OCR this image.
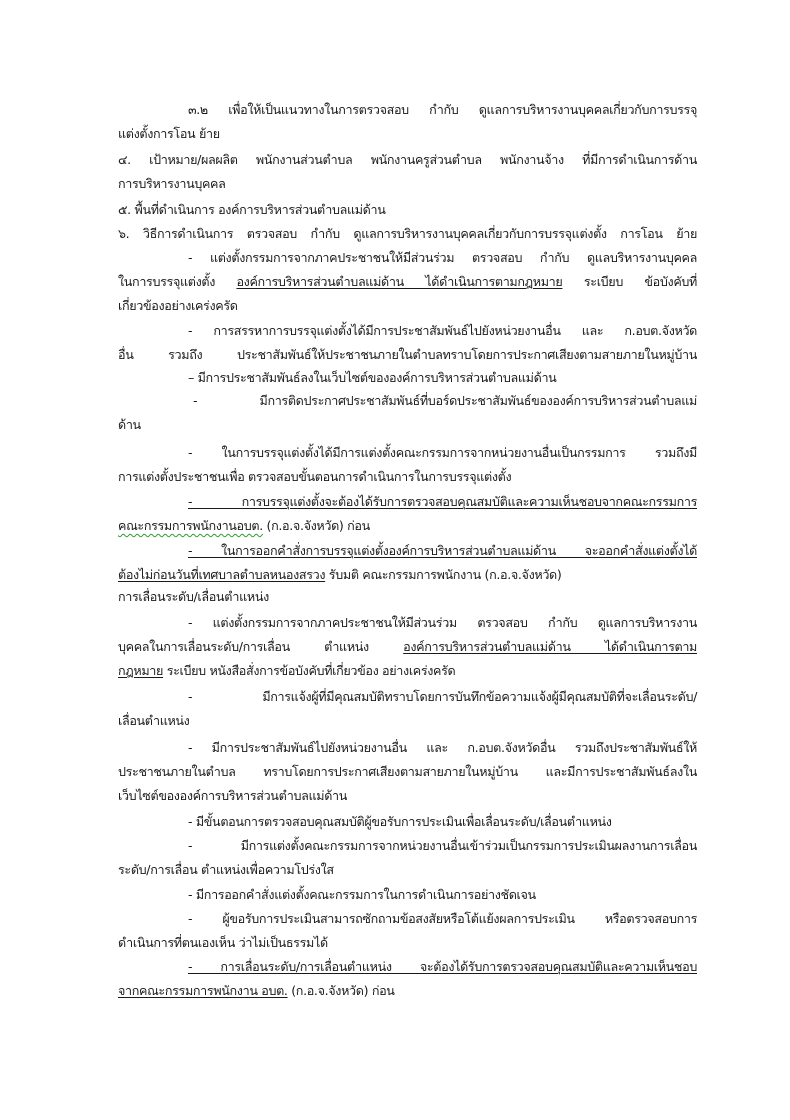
๓.๒ เพื่อให้เป็นแนวทางในการตรวจสอบ กำกับ ดูแลการบริหารงานบุคคลเกี่ยวกับการบรรจุ
แต่งตั้งการโอน ย้าย
๔. เป้าหมาย/ผลผลิต พนักงานส่วนตำบล พนักงานครูส่วนตำบล พนักงานจ้าง ที่มีการดำเนินการด้าน
การบริหารงานบุคคล
๕. พื้นที่ดำเนินการ องค์การบริหารส่วนตำบลแม่ด้าน
๖. วิธีการดำเนินการ ตรวจสอบ กำกับ ดูแลการบริหารงานบุคคลเกี่ยวกับการบรรจุแต่งตั้ง การโอน ย้าย
- แต่งตั้งกรรมการจากภาคประชาชนให้มีส่วนร่วม ตรวจสอบ กำกับ ดูแลบริหารงานบุคคล
ในการบรรจุแต่งตั้ง องค์การบริหารส่วนตำบลแม่ด้าน ได้ดำเนินการตามกฎหมาย ระเบียบ ข้อบังคับที่
เกี่ยวข้องอย่างเคร่งครัด
- การสรรหาการบรรจุแต่งตั้งได้มีการประชาสัมพันธ์ไปยังหน่วยงานอื่น และ ก.อบต.จังหวัด
อื่น รวมถึง ประชาสัมพันธ์ให้ประชาชนภายในตำบลทราบโดยการประกาศเสียงตามสายภายในหมู่บ้าน
– มีการประชาสัมพันธ์ลงในเว็บไซต์ขององค์การบริหารส่วนตำบลแม่ด้าน
- มีการติดประกาศประชาสัมพันธ์ที่บอร์ดประชาสัมพันธ์ขององค์การบริหารส่วนตำบลแม่
ด้าน
- ในการบรรจุแต่งตั้งได้มีการแต่งตั้งคณะกรรมการจากหน่วยงานอื่นเป็นกรรมการ รวมถึงมี
การแต่งตั้งประชาชนเพื่อ ตรวจสอบขั้นตอนการดำเนินการในการบรรจุแต่งตั้ง
- การบรรจุแต่งตั้งจะต้องได้รับการตรวจสอบคุณสมบัติและความเห็นชอบจากคณะกรรมการ
คณะกรรมการพนักงานอบต. (ก.อ.จ.จังหวัด) ก่อน
- ในการออกคำสั่งการบรรจุแต่งตั้งองค์การบริหารส่วนตำบลแม่ด้าน จะออกคำสั่งแต่งตั้งได้
ต้องไม่ก่อนวันที่เทศบาลตำบลหนองสรวง รับมติ คณะกรรมการพนักงาน (ก.อ.จ.จังหวัด)
การเลื่อนระดับ/เลื่อนตำแหน่ง
- แต่งตั้งกรรมการจากภาคประชาชนให้มีส่วนร่วม ตรวจสอบ กำกับ ดูแลการบริหารงาน
บุคคลในการเลื่อนระดับ/การเลื่อน ตำแหน่ง องค์การบริหารส่วนตำบลแม่ด้าน ได้ดำเนินการตาม
กฎหมาย ระเบียบ หนังสือสั่งการข้อบังคับที่เกี่ยวข้อง อย่างเคร่งครัด
- มีการแจ้งผู้ที่มีคุณสมบัติทราบโดยการบันทึกข้อความแจ้งผู้มีคุณสมบัติที่จะเลื่อนระดับ/
เลื่อนตำแหน่ง
- มีการประชาสัมพันธ์ไปยังหน่วยงานอื่น และ ก.อบต.จังหวัดอื่น รวมถึงประชาสัมพันธ์ให้
ประชาชนภายในตำบล ทราบโดยการประกาศเสียงตามสายภายในหมู่บ้าน และมีการประชาสัมพันธ์ลงใน
เว็บไซต์ขององค์การบริหารส่วนตำบลแม่ด้าน
- มีขั้นตอนการตรวจสอบคุณสมบัติผู้ขอรับการประเมินเพื่อเลื่อนระดับ/เลื่อนตำแหน่ง
- มีการแต่งตั้งคณะกรรมการจากหน่วยงานอื่นเข้าร่วมเป็นกรรมการประเมินผลงานการเลื่อน
ระดับ/การเลื่อน ตำแหน่งเพื่อความโปร่งใส
- มีการออกคำสั่งแต่งตั้งคณะกรรมการในการดำเนินการอย่างชัดเจน
- ผู้ขอรับการประเมินสามารถซักถามข้อสงสัยหรือโต้แย้งผลการประเมิน หรือตรวจสอบการ
ดำเนินการที่ตนเองเห็น ว่าไม่เป็นธรรมได้
- การเลื่อนระดับ/การเลื่อนตำแหน่ง จะต้องได้รับการตรวจสอบคุณสมบัติและความเห็นชอบ
จากคณะกรรมการพนักงาน อบต. (ก.อ.จ.จังหวัด) ก่อน
